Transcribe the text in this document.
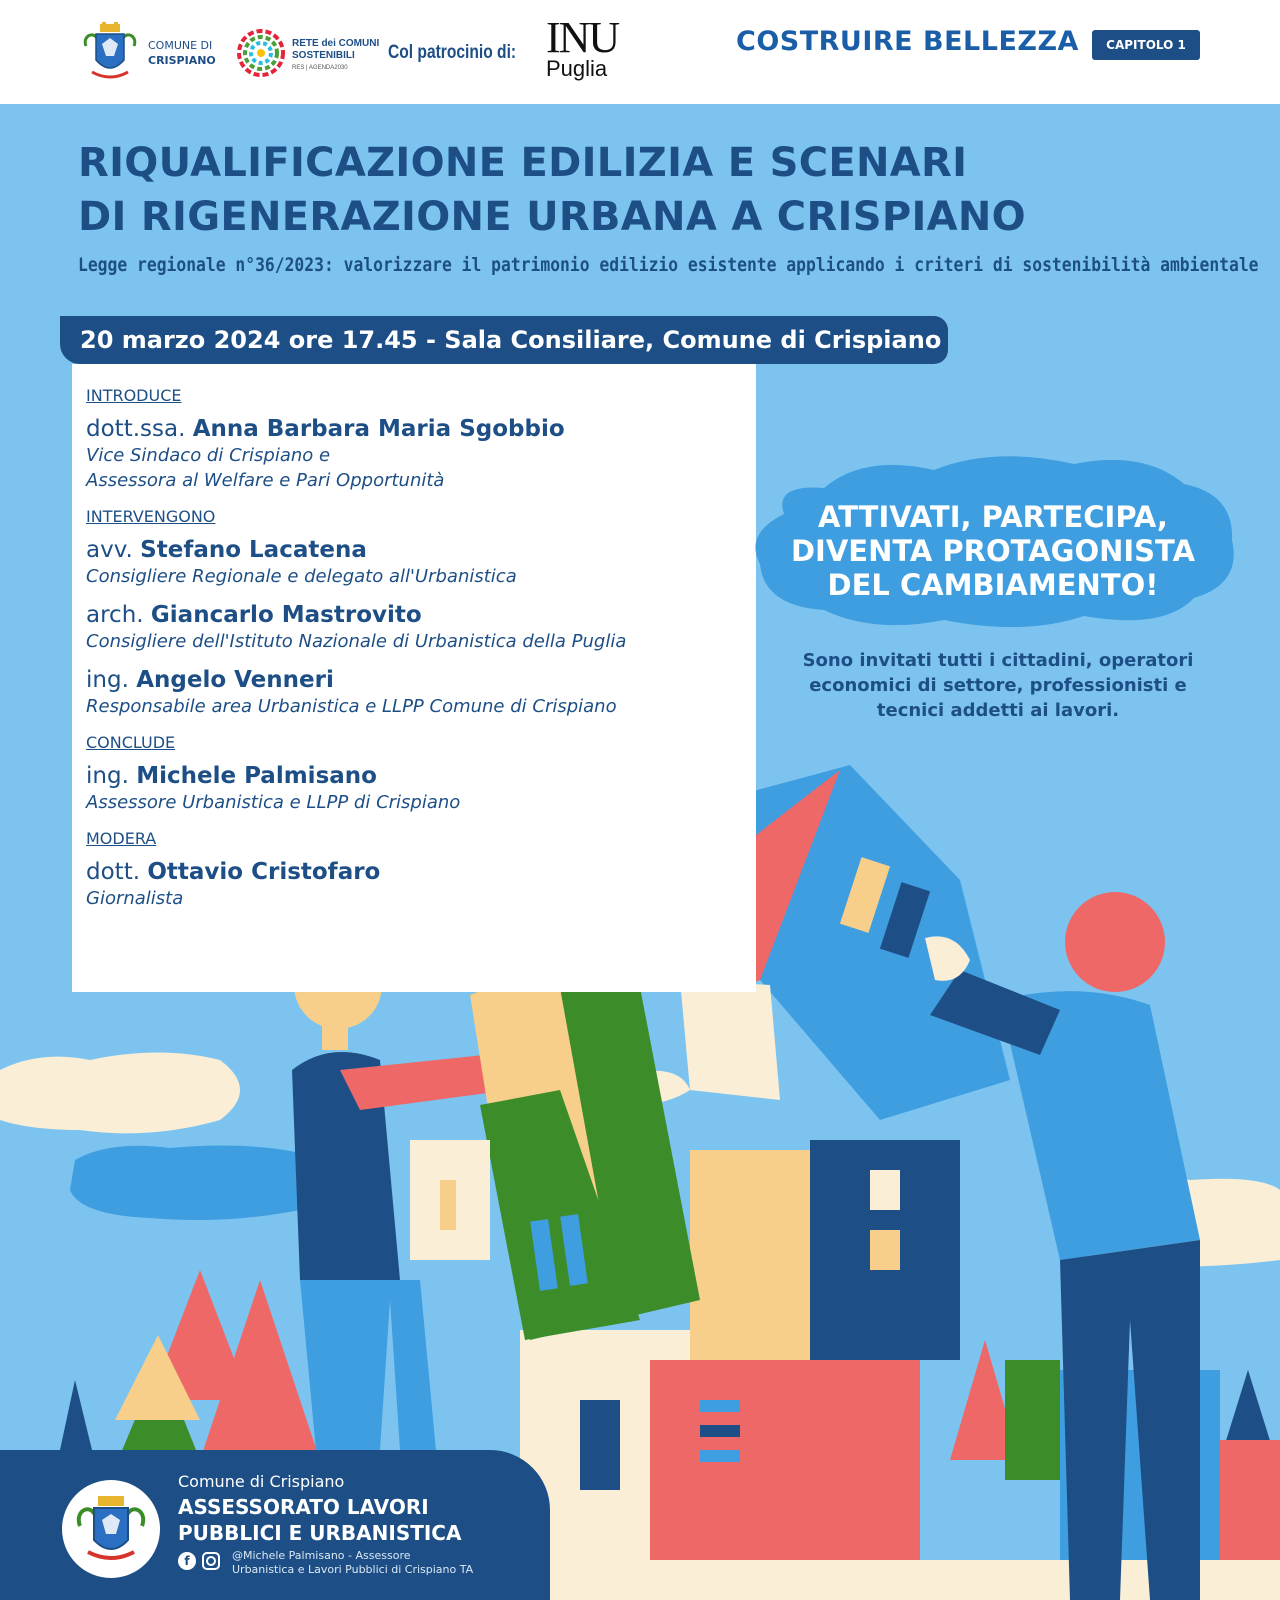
COMUNE DI
CRISPIANO
RETE dei COMUNI
SOSTENIBILI
RES | AGENDA2030
Col patrocinio di: INU
Puglia
COSTRUIRE BELLEZZA	CAPITOLO 1
RIQUALIFICAZIONE EDILIZIA E SCENARI
DI RIGENERAZIONE URBANA A CRISPIANO
Legge regionale n°36/2023: valorizzare il patrimonio edilizio esistente applicando i criteri di sostenibilità ambientale
INTRODUCE
dott.ssa. Anna Barbara Maria Sgobbio
Vice Sindaco di Crispiano e
Assessora al Welfare e Pari Opportunità
INTERVENGONO
avv. Stefano Lacatena
Consigliere Regionale e delegato all'Urbanistica
arch. Giancarlo Mastrovito
Consigliere dell'Istituto Nazionale di Urbanistica della Puglia
ing. Angelo Venneri
Responsabile area Urbanistica e LLPP Comune di Crispiano
CONCLUDE
ing. Michele Palmisano
Assessore Urbanistica e LLPP di Crispiano
MODERA
dott. Ottavio Cristofaro
Giornalista
20 marzo 2024 ore 17.45 - Sala Consiliare, Comune di Crispiano
ATTIVATI, PARTECIPA,
DIVENTA PROTAGONISTA
DEL CAMBIAMENTO!
Sono invitati tutti i cittadini, operatori
economici di settore, professionisti e
tecnici addetti ai lavori.
Comune di Crispiano
ASSESSORATO LAVORI
PUBBLICI E URBANISTICA
f	@Michele Palmisano - Assessore
Urbanistica e Lavori Pubblici di Crispiano TA
